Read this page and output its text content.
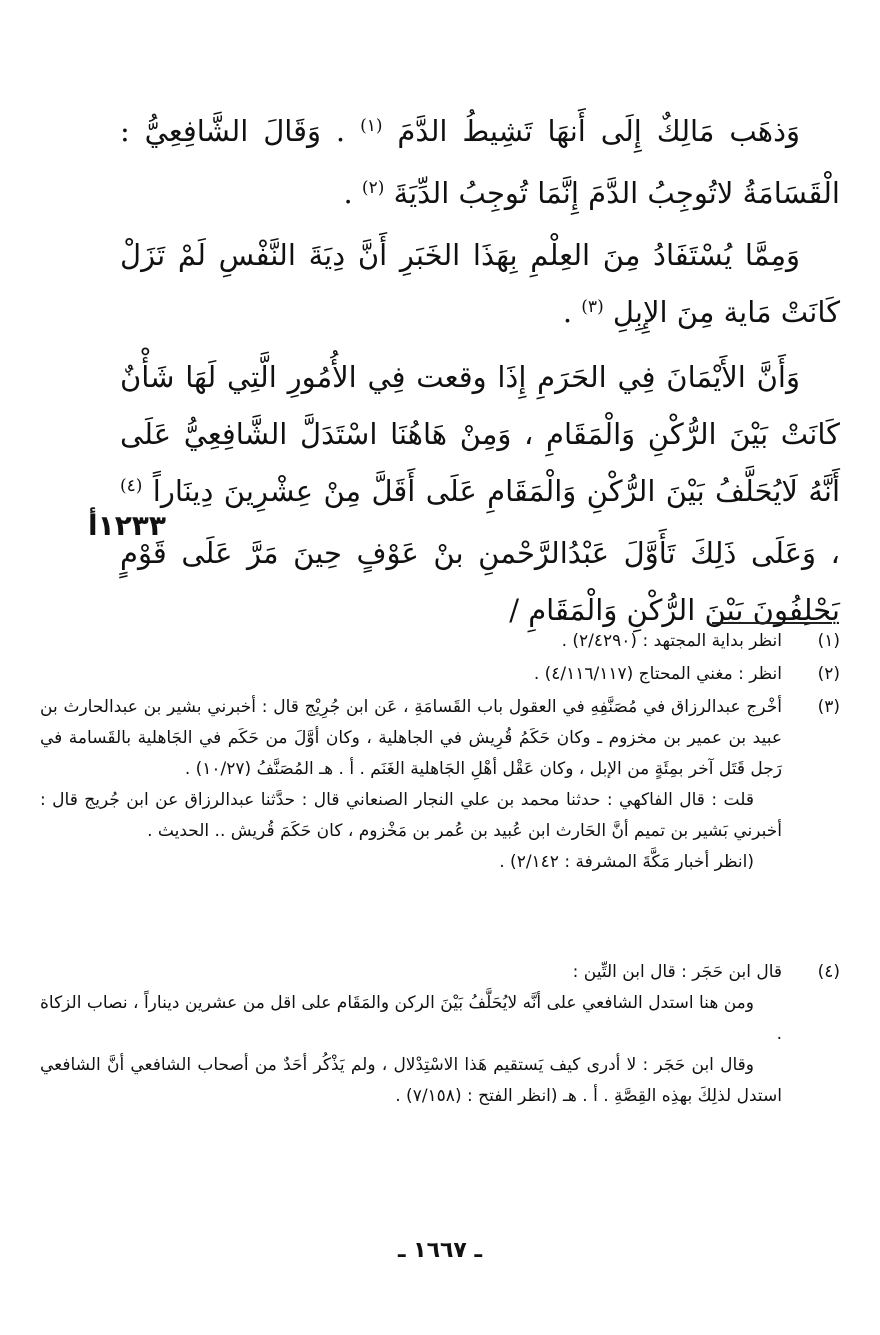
وَذهَب مَالِكٌ إِلَى أَنهَا تَشِيطُ الدَّمَ $^{(١)}$ . وَقَالَ الشَّافِعِيُّ : الْقَسَامَةُ لاتُوجِبُ الدَّمَ إِنَّمَا تُوجِبُ الدِّيَةَ $^{(٢)}$ .

وَمِمَّا يُسْتَفَادُ مِنَ العِلْمِ بِهَذَا الخَبَرِ أَنَّ دِيَةَ النَّفْسِ لَمْ تَزَلْ كَانَتْ مَاية مِنَ الإِبِلِ $^{(٣)}$ .

وَأَنَّ الأَيْمَانَ فِي الحَرَمِ إِذَا وقعت فِي الأُمُورِ الَّتِي لَهَا شَأْنٌ كَانَتْ بَيْنَ الرُّكْنِ وَالْمَقَامِ ، وَمِنْ هَاهُنَا اسْتَدَلَّ الشَّافِعِيُّ عَلَى أَنَّهُ لَايُحَلَّفُ بَيْنَ الرُّكْنِ وَالْمَقَامِ عَلَى أَقَلَّ مِنْ عِشْرِينَ دِينَاراً $^{(٤)}$ ، وَعَلَى ذَلِكَ تَأَوَّلَ عَبْدُالرَّحْمنِ بنْ عَوْفٍ حِينَ مَرَّ عَلَى قَوْمٍ يَحْلِفُونَ بَيْنَ الرُّكْنِ وَالْمَقَامِ /

١٢٣٣أ
(١)

انظر بداية المجتهد : (٢/٤٢٩٠) .

(٢)

انظر : مغني المحتاج (٤/١١٦/١١٧) .

(٣)

أخْرج عبدالرزاق في مُصَنَّفِهِ في العقول باب القَسامَةِ ، عَن ابن جُرِيْج قال : أخبرني بشير بن عبدالحارث بن عبيد بن عمير بن مخزوم ـ وكان حَكَمُ قُرِيش في الجاهلية ، وكان أوَّلَ من حَكَم في الجَاهلية بالقَسامة في رَجل قَتَل آخر بمِئَةٍ من الإبل ، وكان عَقْل أهْلِ الجَاهلية الغَنَم . أ . هـ المُصَنَّفُ (١٠/٢٧) .

قلت : قال الفاكهي : حدثنا محمد بن علي النجار الصنعاني قال : حدَّثنا عبدالرزاق عن ابن جُريج قال : أخبرني بَشير بن تميم أنَّ الحَارث ابن عُبيد بن عُمر بن مَخْزوم ، كان حَكَمَ قُريش .. الحديث .

(انظر أخبار مَكَّةَ المشرفة : ٢/١٤٢) .

(٤)

قال ابن حَجَر : قال ابن التِّين :

ومن هنا استدل الشافعي على أنَّه لايُحَلَّفُ بَيْنَ الركن والمَقَام على اقل من عشرين ديناراً ، نصاب الزكاة .

وقال ابن حَجَر : لا أدرى كيف يَستقيم هَذا الاسْتِدْلال ، ولم يَذْكُر أحَدٌ من أصحاب الشافعي أنَّ الشافعي استدل لذلِكَ بهذِه القِصَّةِ . أ . هـ (انظر الفتح : (٧/١٥٨) .

ـ ١٦٦٧ ـ
